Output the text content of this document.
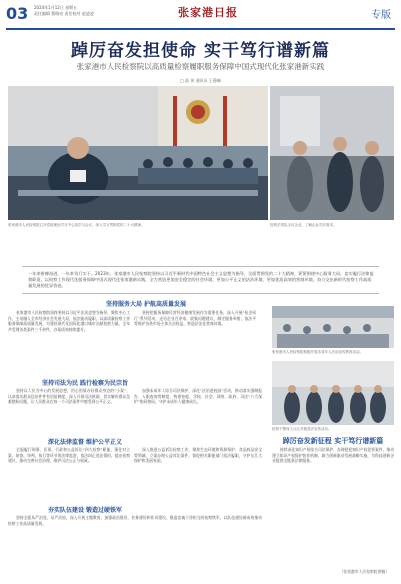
03 2024年1月12日 星期五
责任编辑 曹晓亮 责任校对 赵凌凌	张家港日报	专版
踔厉奋发担使命 实干笃行谱新篇
张家港市人民检察院以高质量检察履职服务保障中国式现代化张家港新实践
□ 陆 伟 通讯员 王静娴
张家港市人民检察院召开党组理论学习中心组学习会议，深入学习贯彻党的二十大精神。	检察长带队走访企业，了解企业司法需求。
一年来拼搏奋进，一年来笃行实干。2023年，张家港市人民检察院坚持以习近平新时代中国特色社会主义思想为指导，全面贯彻党的二十大精神，紧紧围绕中心服务大局，忠实履行法律监督职责，以检察工作现代化服务保障中国式现代化张家港新实践，全力营造更加安全稳定的社会环境、更加公平正义的法治环境、更加优质高效的营商环境，奋力交出新时代检察工作高质量发展的优异答卷。
坚持服务大局 护航高质量发展
张家港市人民检察院始终坚持以习近平法治思想为指导，聚焦中心工作，主动融入全市经济社会发展大局，依法能动履职，以高质量检察工作服务保障高质量发展，为建设现代化国际化港口城市贡献检察力量。全年共受理各类案件三千余件，办案质效持续提升。
坚持把服务保障民营经济健康发展作为重要任务，深入开展“检企同行”系列活动，走访企业百余家，收集问题建议，制定服务举措，依法平等保护各类市场主体合法权益，营造法治化营商环境。
张家港市人民检察院积极开展未成年人法治宣传教育活动。
坚持司法为民 践行检察为民宗旨
坚持以人民为中心的发展思想，用心用情办好群众身边的“小案”，认真落实群众信访件件有回复制度，深入开展司法救助，切实解决群众急难愁盼问题，让人民群众在每一个司法案件中感受到公平正义。
加强未成年人综合司法保护，深化“法治进校园”活动，推动落实强制报告、入职查询等制度，构建家庭、学校、社会、网络、政府、司法“六大保护”协同格局，守护未成年人健康成长。
检察干警深入社区开展普法宣传活动。
踔厉奋发新征程 实干笃行谱新篇
深化法律监督 维护公平正义
全面履行刑事、民事、行政和公益诉讼“四大检察”职能，强化对立案、侦查、审判、执行等环节的法律监督，依法纠正违法情形，提出检察建议，推动完善社会治理，维护司法公正与权威。
深入推进公益诉讼检察工作，聚焦生态环境和资源保护、食品药品安全等领域，立案办理公益诉讼案件，督促相关职能部门依法履职，守护长江大保护和美丽家园。
夯实队伍建设 锻造过硬铁军
坚持全面从严治党、从严治检，深入开展主题教育，加强政治建设、业务建设和作风建设，锻造忠诚干净担当的检察铁军，以队伍建设新成效推动检察工作高质量发展。
持续深化知识产权综合司法保护，办理侵犯知识产权犯罪案件，推动建立知识产权保护协作机制，助力创新驱动发展战略实施，为科技创新企业提供全链条法律服务。
（张家港市人民检察院供稿）
